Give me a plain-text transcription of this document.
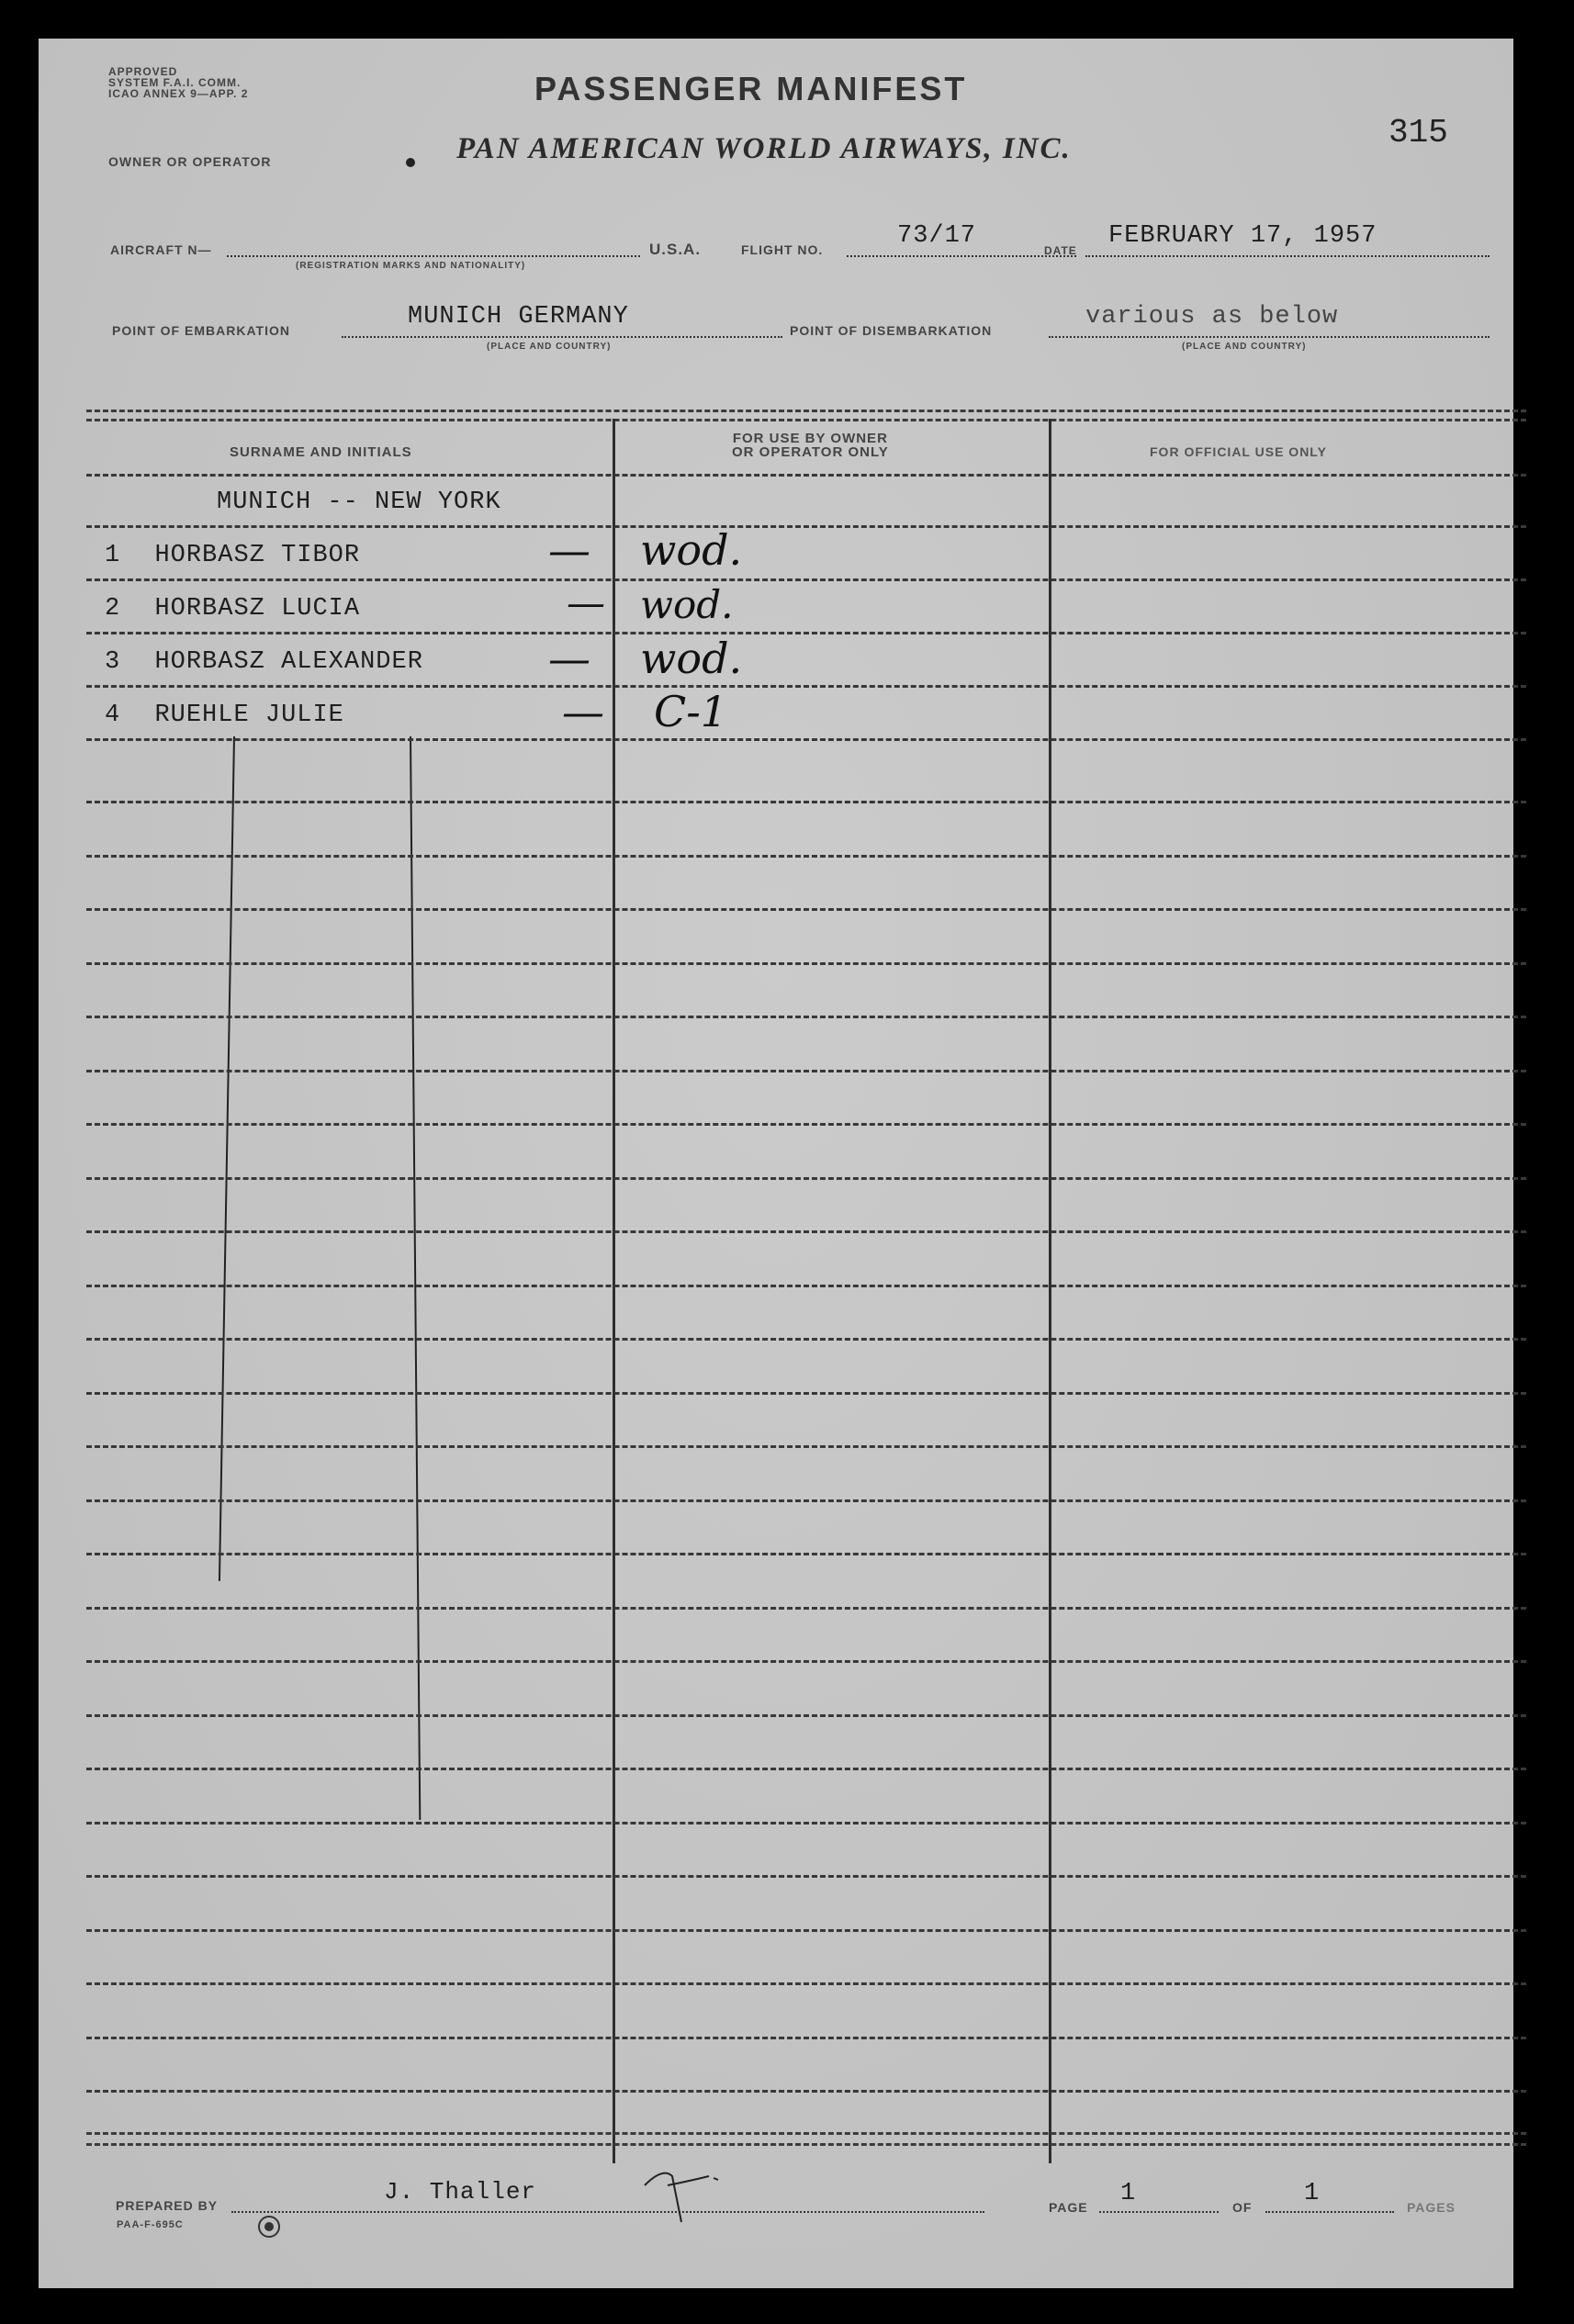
APPROVED
SYSTEM F.A.I. COMM.
ICAO ANNEX 9—APP. 2	PASSENGER MANIFEST
315
OWNER OR OPERATOR	PAN AMERICAN WORLD AIRWAYS, INC.
AIRCRAFT N—
(REGISTRATION MARKS AND NATIONALITY)
U.S.A.	FLIGHT NO.	73/17
DATE
FEBRUARY 17, 1957
POINT OF EMBARKATION	MUNICH GERMANY
(PLACE AND COUNTRY)
POINT OF DISEMBARKATION	various as below
(PLACE AND COUNTRY)
SURNAME AND INITIALS
FOR USE BY OWNER
OR OPERATOR ONLY	FOR OFFICIAL USE ONLY
MUNICH -- NEW YORK
1 HORBASZ TIBOR	— wod.
2 HORBASZ LUCIA	— wod.
3 HORBASZ ALEXANDER	— wod.
4 RUEHLE JULIE	— C-1
PREPARED BY	J. Thaller
PAA-F-695C
PAGE 1	OF 1	PAGES
